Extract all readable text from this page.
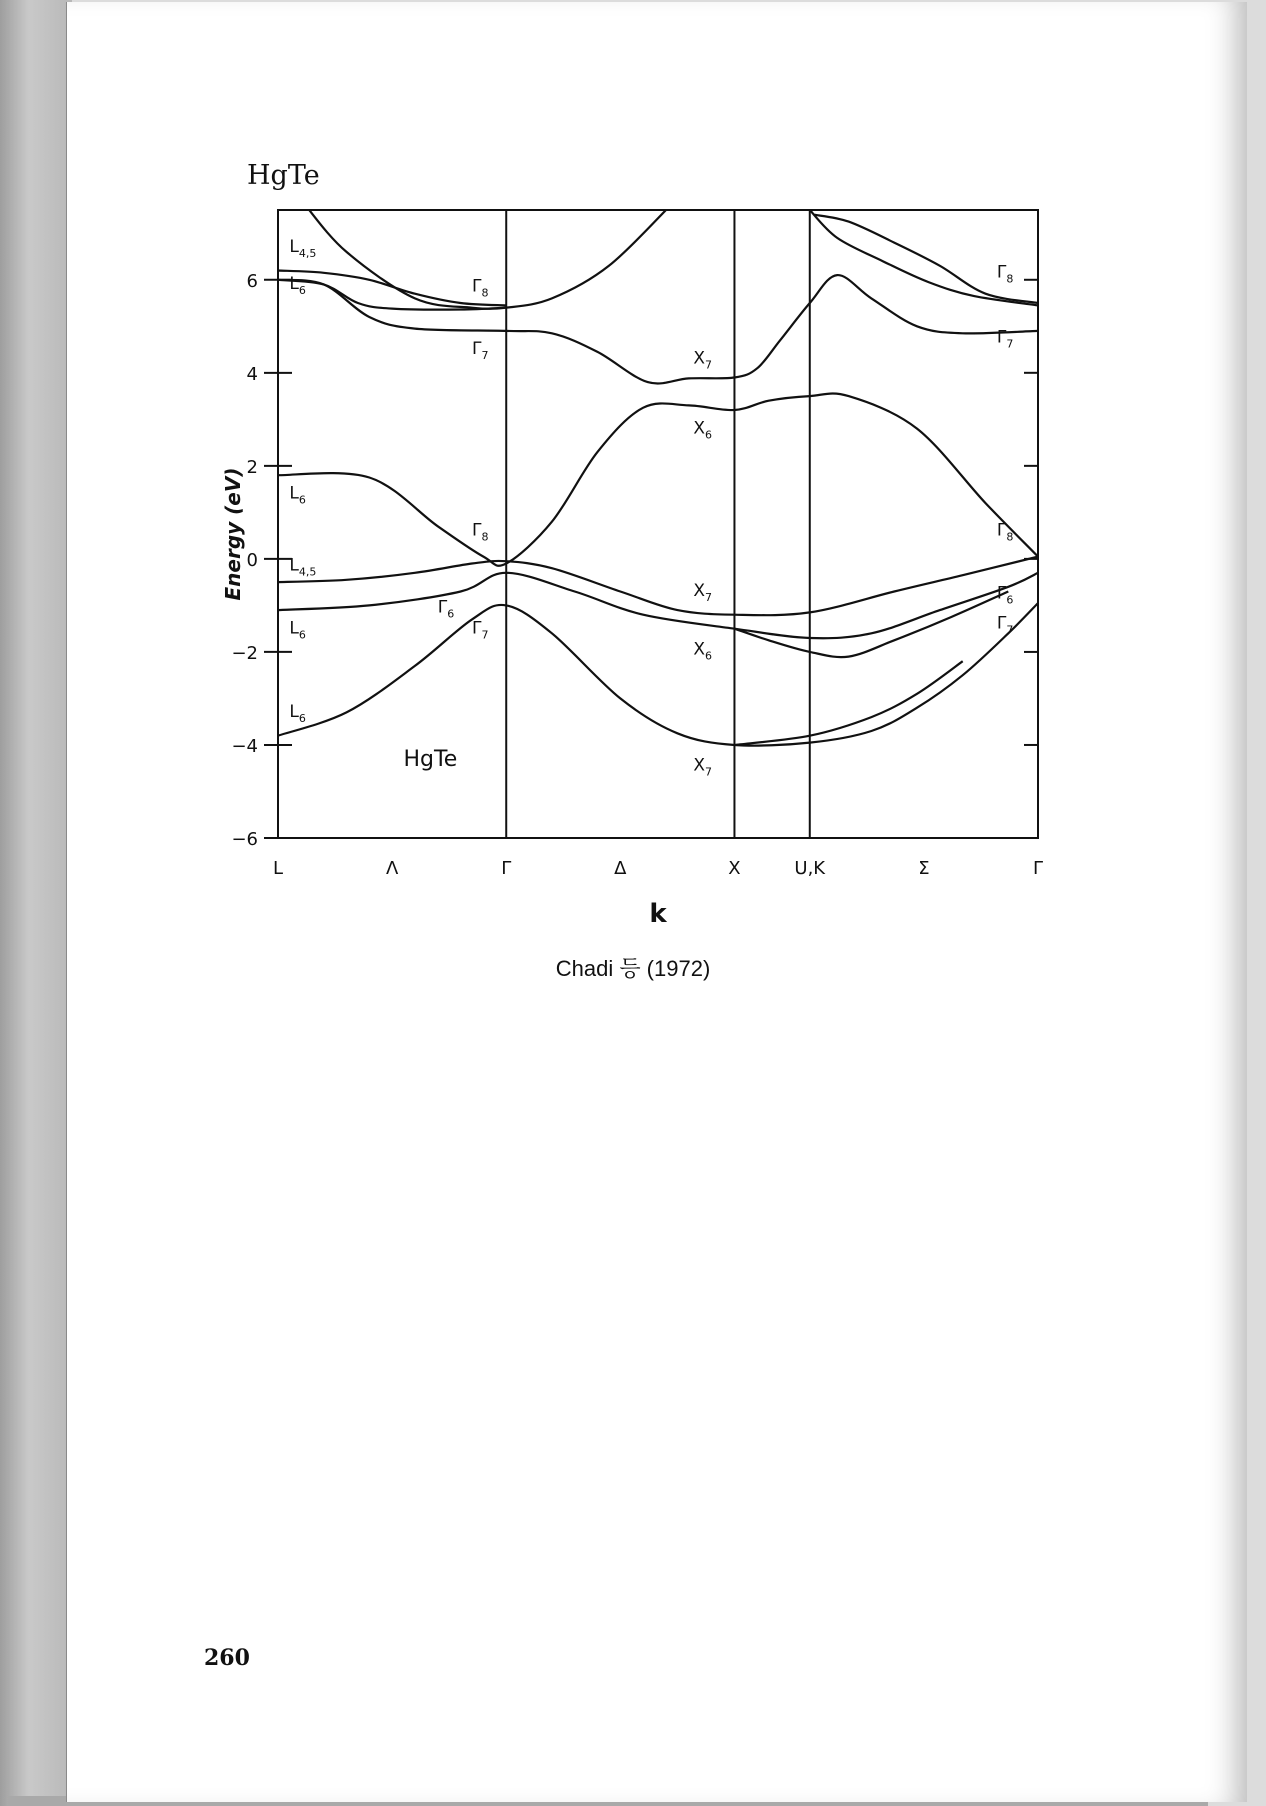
HgTe
−6
−4
−2
0
2
4
6
L	Λ	Γ	Δ	X	U,K	Σ	Γ
$L_{4,5}$
$L_6$	$\Gamma_8$
$\Gamma_7$	$X_7$
$X_6$
$L_6$
$\Gamma_8$
$L_{4,5}$
$X_7$
$\Gamma_6$
$\Gamma_7$
$L_6$
$X_6$
$L_6$
$X_7$
$\Gamma_8$
$\Gamma_7$
$\Gamma_8$
$\Gamma_6$
$\Gamma_7$
Energy (eV)
k
HgTe
Chadi 등 (1972)
260
